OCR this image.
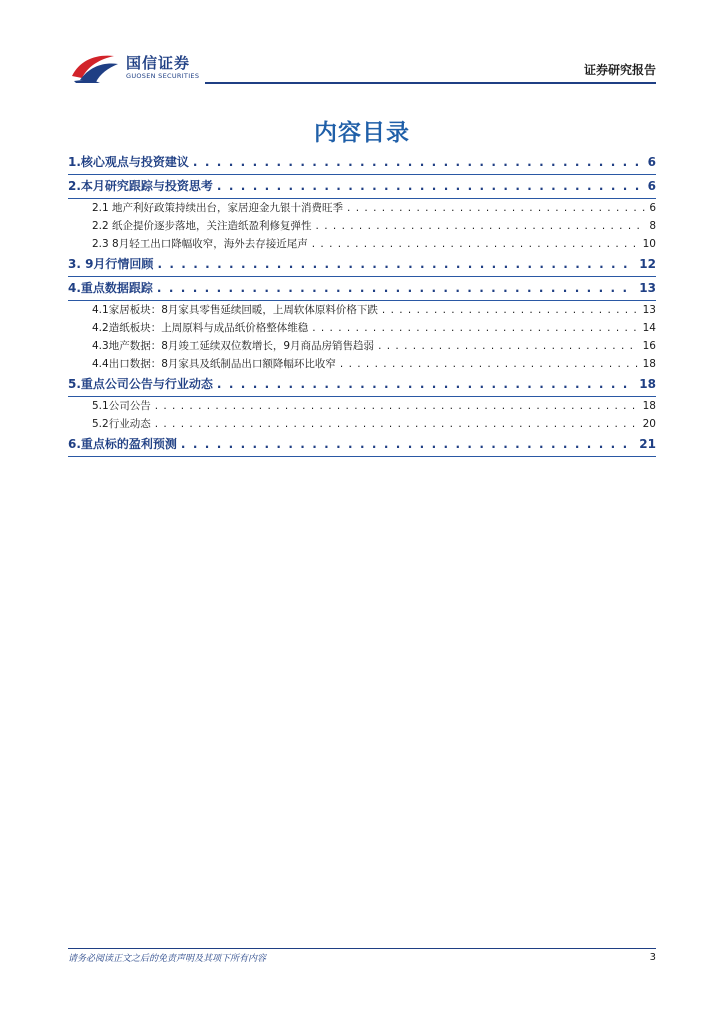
国信证券
GUOSEN SECURITIES	证券研究报告
内容目录
1.核心观点与投资建议 . . .	6
2.本月研究跟踪与投资思考 . . .	6
2.1 地产利好政策持续出台，家居迎金九银十消费旺季 . . .	6
2.2 纸企提价逐步落地，关注造纸盈利修复弹性 . . .	8
2.3 8月轻工出口降幅收窄，海外去存接近尾声 . . .	10
3. 9月行情回顾 . . .	12
4.重点数据跟踪 . . .	13
4.1家居板块：8月家具零售延续回暖，上周软体原料价格下跌 . . .	13
4.2造纸板块：上周原料与成品纸价格整体维稳 . . .	14
4.3地产数据：8月竣工延续双位数增长，9月商品房销售趋弱 . . .	16
4.4出口数据：8月家具及纸制品出口额降幅环比收窄 . . .	18
5.重点公司公告与行业动态 . . .	18
5.1公司公告 . . .	18
5.2行业动态 . . .	20
6.重点标的盈利预测 . . .	21
请务必阅读正文之后的免责声明及其项下所有内容	3
